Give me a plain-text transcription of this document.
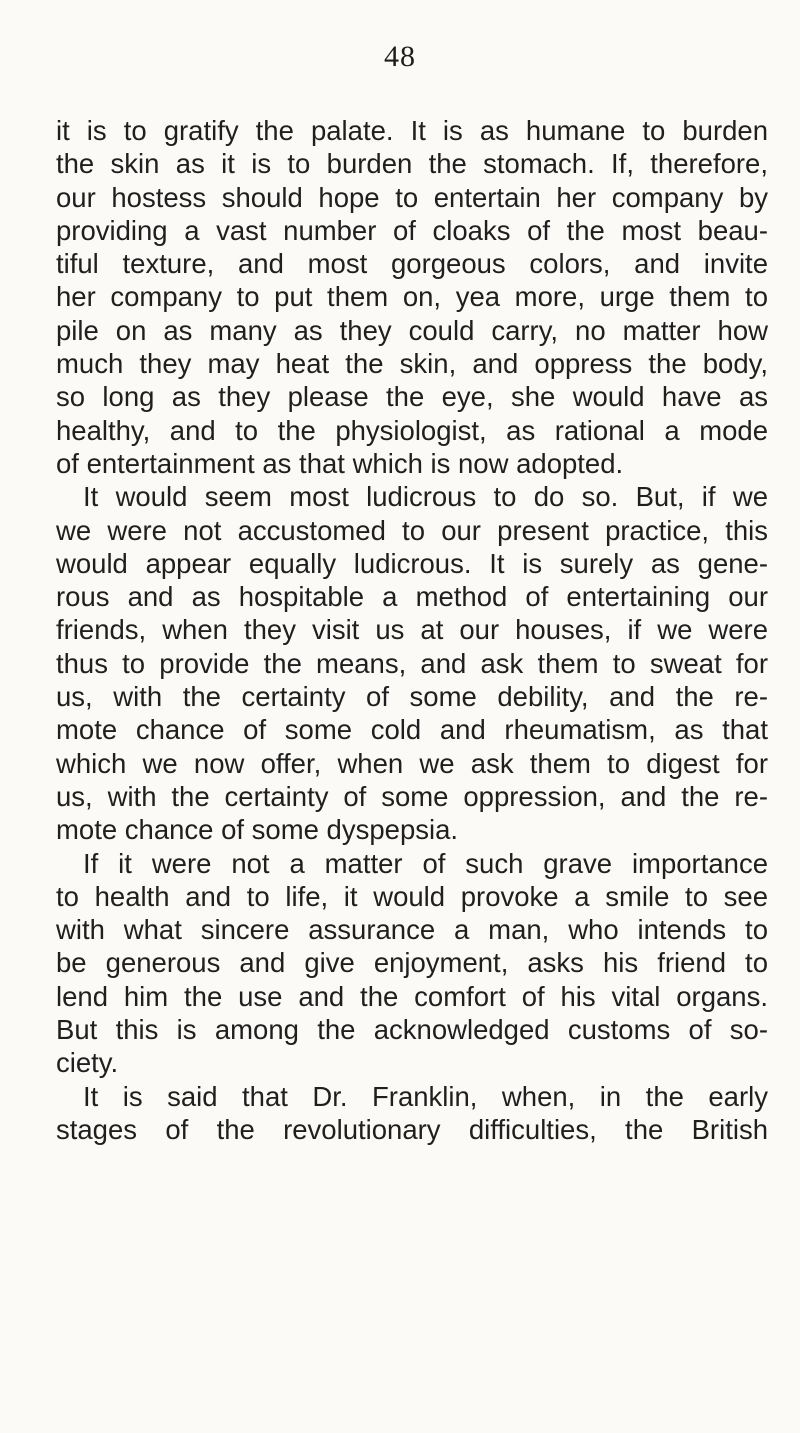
48
it is to gratify the palate. It is as humane to burden
the skin as it is to burden the stomach. If, therefore,
our hostess should hope to entertain her company by
providing a vast number of cloaks of the most beau-
tiful texture, and most gorgeous colors, and invite
her company to put them on, yea more, urge them to
pile on as many as they could carry, no matter how
much they may heat the skin, and oppress the body,
so long as they please the eye, she would have as
healthy, and to the physiologist, as rational a mode
of entertainment as that which is now adopted.
It would seem most ludicrous to do so. But, if we
we were not accustomed to our present practice, this
would appear equally ludicrous. It is surely as gene-
rous and as hospitable a method of entertaining our
friends, when they visit us at our houses, if we were
thus to provide the means, and ask them to sweat for
us, with the certainty of some debility, and the re-
mote chance of some cold and rheumatism, as that
which we now offer, when we ask them to digest for
us, with the certainty of some oppression, and the re-
mote chance of some dyspepsia.
If it were not a matter of such grave importance
to health and to life, it would provoke a smile to see
with what sincere assurance a man, who intends to
be generous and give enjoyment, asks his friend to
lend him the use and the comfort of his vital organs.
But this is among the acknowledged customs of so-
ciety.
It is said that Dr. Franklin, when, in the early
stages of the revolutionary difficulties, the British
